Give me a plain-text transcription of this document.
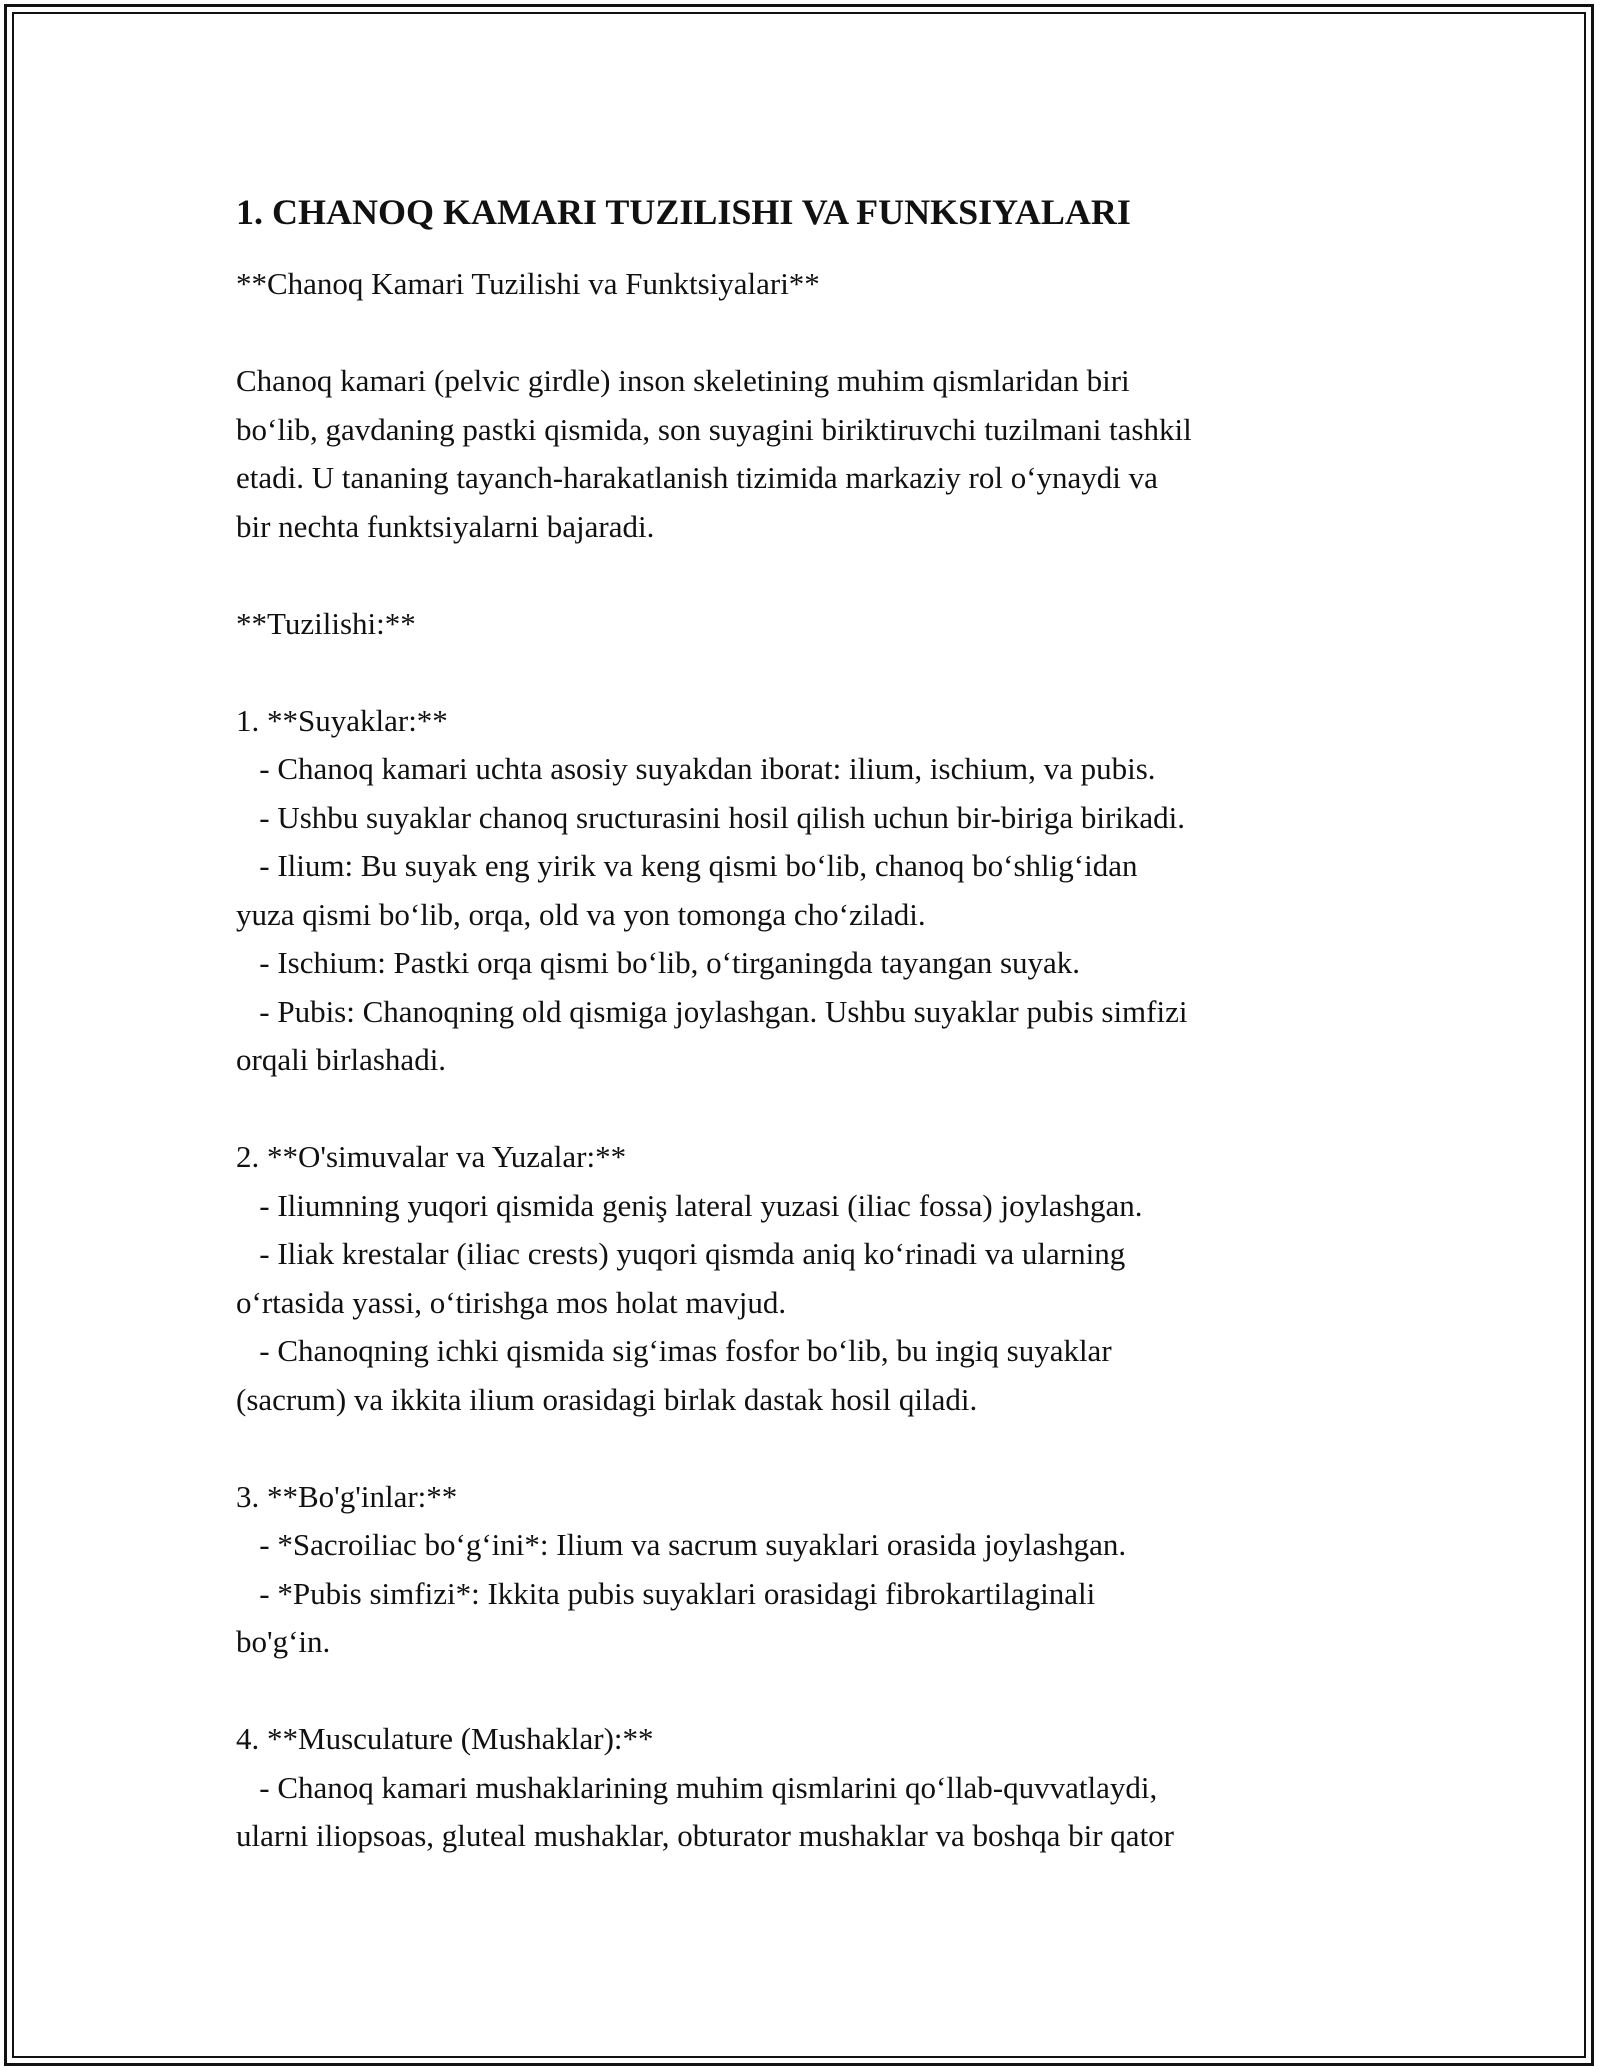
1. CHANOQ KAMARI TUZILISHI VA FUNKSIYALARI

**Chanoq Kamari Tuzilishi va Funktsiyalari**

Chanoq kamari (pelvic girdle) inson skeletining muhim qismlaridan biri
bo‘lib, gavdaning pastki qismida, son suyagini biriktiruvchi tuzilmani tashkil
etadi. U tananing tayanch-harakatlanish tizimida markaziy rol o‘ynaydi va
bir nechta funktsiyalarni bajaradi.

**Tuzilishi:**

1. **Suyaklar:**
- Chanoq kamari uchta asosiy suyakdan iborat: ilium, ischium, va pubis.
- Ushbu suyaklar chanoq sructurasini hosil qilish uchun bir-biriga birikadi.
- Ilium: Bu suyak eng yirik va keng qismi bo‘lib, chanoq bo‘shlig‘idan
yuza qismi bo‘lib, orqa, old va yon tomonga cho‘ziladi.
- Ischium: Pastki orqa qismi bo‘lib, o‘tirganingda tayangan suyak.
- Pubis: Chanoqning old qismiga joylashgan. Ushbu suyaklar pubis simfizi
orqali birlashadi.
2. **O'simuvalar va Yuzalar:**
- Iliumning yuqori qismida geniş lateral yuzasi (iliac fossa) joylashgan.
- Iliak krestalar (iliac crests) yuqori qismda aniq ko‘rinadi va ularning
o‘rtasida yassi, o‘tirishga mos holat mavjud.
- Chanoqning ichki qismida sig‘imas fosfor bo‘lib, bu ingiq suyaklar
(sacrum) va ikkita ilium orasidagi birlak dastak hosil qiladi.
3. **Bo'g'inlar:**
- *Sacroiliac bo‘g‘ini*: Ilium va sacrum suyaklari orasida joylashgan.
- *Pubis simfizi*: Ikkita pubis suyaklari orasidagi fibrokartilaginali
bo'g‘in.
4. **Musculature (Mushaklar):**
- Chanoq kamari mushaklarining muhim qismlarini qo‘llab-quvvatlaydi,
ularni iliopsoas, gluteal mushaklar, obturator mushaklar va boshqa bir qator
